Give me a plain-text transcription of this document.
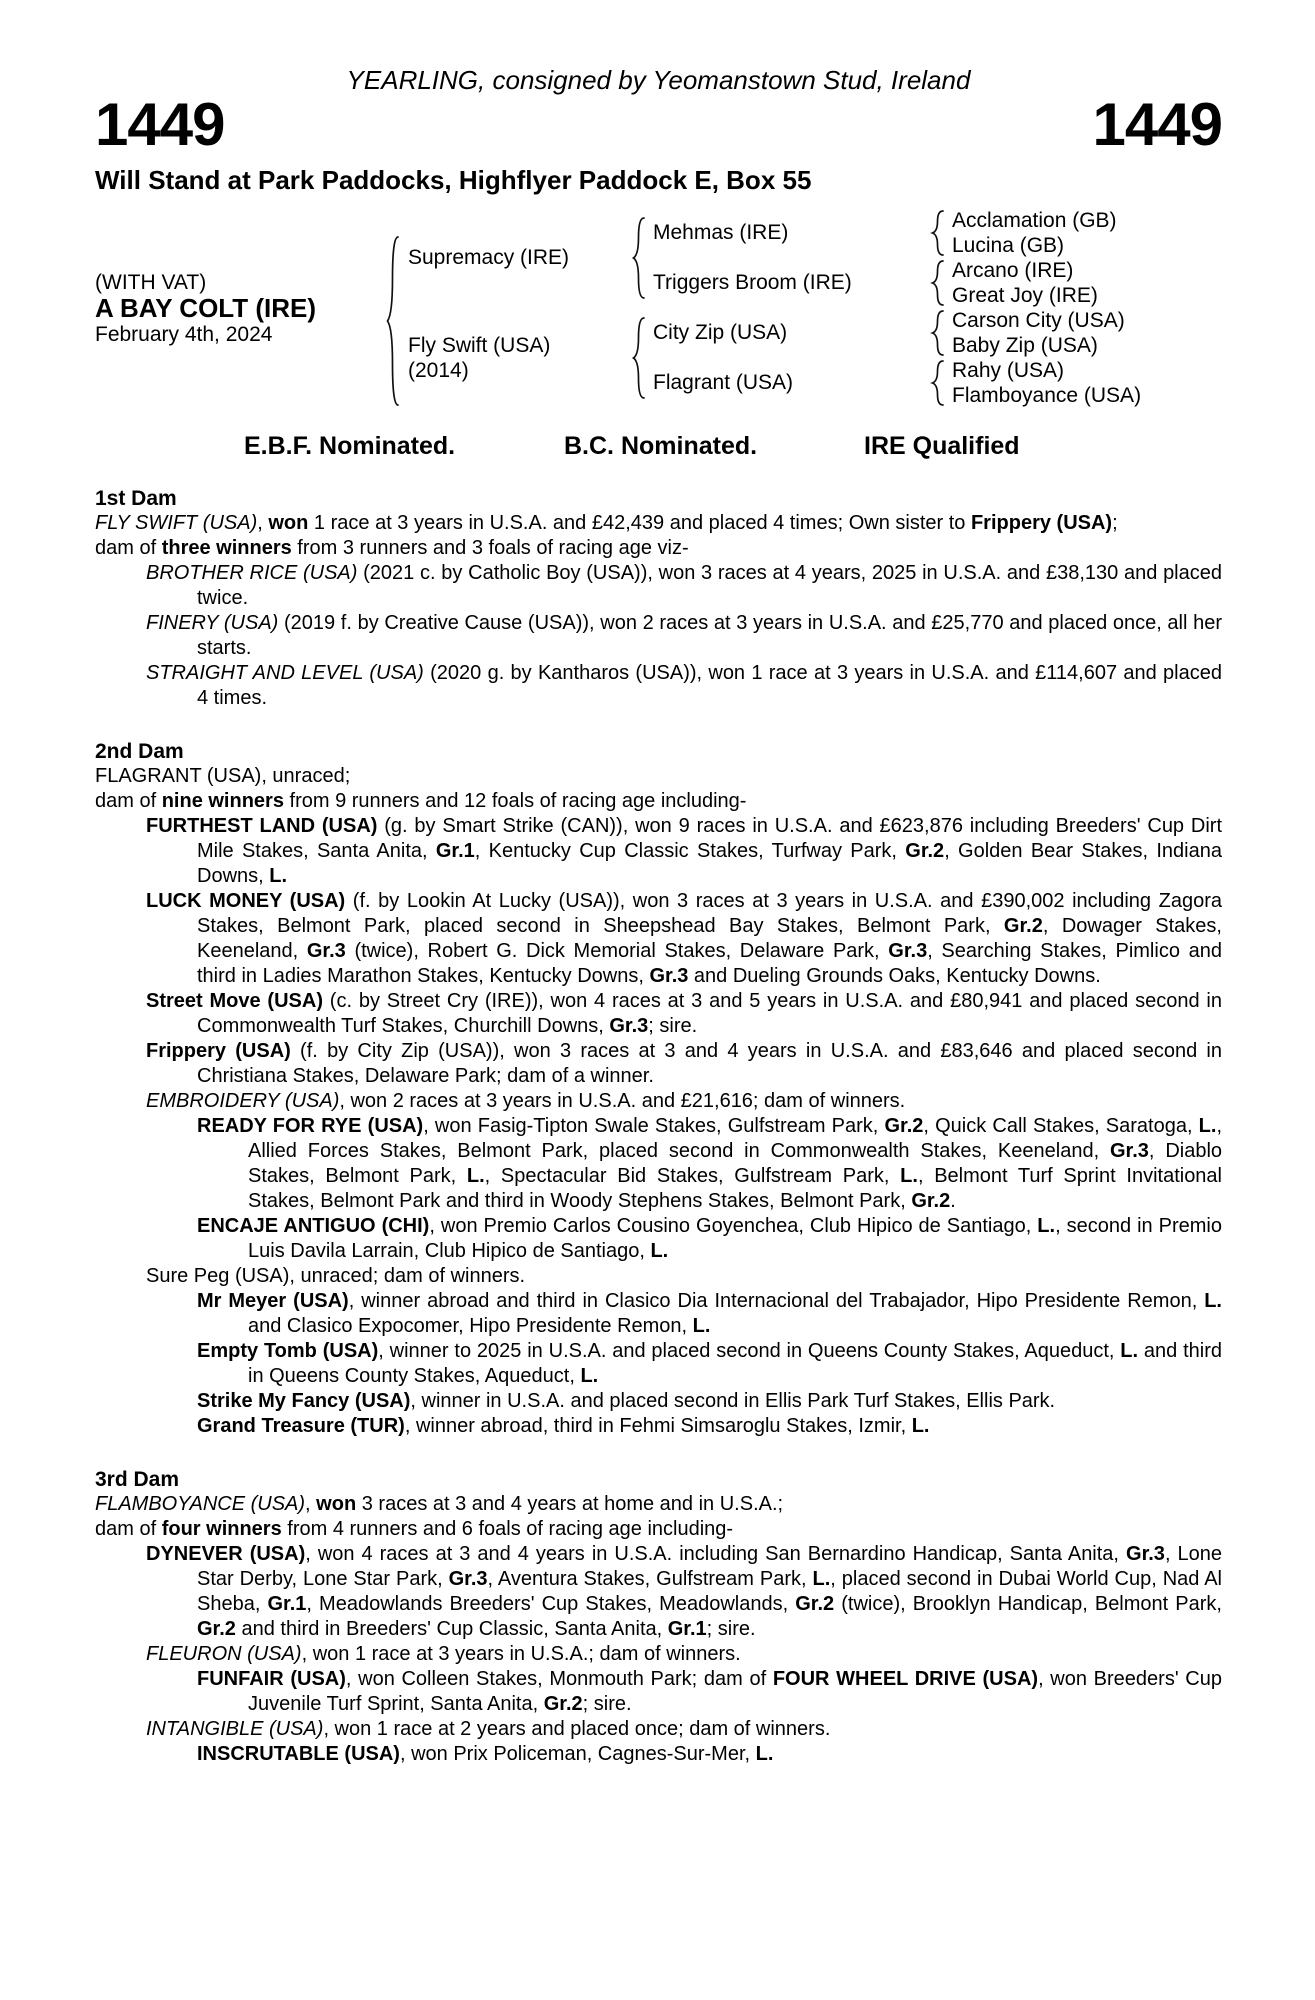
YEARLING, consigned by Yeomanstown Stud, Ireland
1449	1449
Will Stand at Park Paddocks, Highflyer Paddock E, Box 55
(WITH VAT)
A BAY COLT (IRE)
February 4th, 2024
Supremacy (IRE)
Fly Swift (USA)
(2014)
Mehmas (IRE)
Triggers Broom (IRE)
City Zip (USA)
Flagrant (USA)
Acclamation (GB)
Lucina (GB)
Arcano (IRE)
Great Joy (IRE)
Carson City (USA)
Baby Zip (USA)
Rahy (USA)
Flamboyance (USA)
E.B.F. Nominated.	B.C. Nominated.	IRE Qualified
1st Dam
FLY SWIFT (USA), won 1 race at 3 years in U.S.A. and £42,439 and placed 4 times; Own sister to Frippery (USA);
dam of three winners from 3 runners and 3 foals of racing age viz-
BROTHER RICE (USA) (2021 c. by Catholic Boy (USA)), won 3 races at 4 years, 2025 in U.S.A. and £38,130 and placed twice.
FINERY (USA) (2019 f. by Creative Cause (USA)), won 2 races at 3 years in U.S.A. and £25,770 and placed once, all her starts.
STRAIGHT AND LEVEL (USA) (2020 g. by Kantharos (USA)), won 1 race at 3 years in U.S.A. and £114,607 and placed 4 times.
2nd Dam
FLAGRANT (USA), unraced;
dam of nine winners from 9 runners and 12 foals of racing age including-
FURTHEST LAND (USA) (g. by Smart Strike (CAN)), won 9 races in U.S.A. and £623,876 including Breeders' Cup Dirt Mile Stakes, Santa Anita, Gr.1, Kentucky Cup Classic Stakes, Turfway Park, Gr.2, Golden Bear Stakes, Indiana Downs, L.
LUCK MONEY (USA) (f. by Lookin At Lucky (USA)), won 3 races at 3 years in U.S.A. and £390,002 including Zagora Stakes, Belmont Park, placed second in Sheepshead Bay Stakes, Belmont Park, Gr.2, Dowager Stakes, Keeneland, Gr.3 (twice), Robert G. Dick Memorial Stakes, Delaware Park, Gr.3, Searching Stakes, Pimlico and third in Ladies Marathon Stakes, Kentucky Downs, Gr.3 and Dueling Grounds Oaks, Kentucky Downs.
Street Move (USA) (c. by Street Cry (IRE)), won 4 races at 3 and 5 years in U.S.A. and £80,941 and placed second in Commonwealth Turf Stakes, Churchill Downs, Gr.3; sire.
Frippery (USA) (f. by City Zip (USA)), won 3 races at 3 and 4 years in U.S.A. and £83,646 and placed second in Christiana Stakes, Delaware Park; dam of a winner.
EMBROIDERY (USA), won 2 races at 3 years in U.S.A. and £21,616; dam of winners.
READY FOR RYE (USA), won Fasig-Tipton Swale Stakes, Gulfstream Park, Gr.2, Quick Call Stakes, Saratoga, L., Allied Forces Stakes, Belmont Park, placed second in Commonwealth Stakes, Keeneland, Gr.3, Diablo Stakes, Belmont Park, L., Spectacular Bid Stakes, Gulfstream Park, L., Belmont Turf Sprint Invitational Stakes, Belmont Park and third in Woody Stephens Stakes, Belmont Park, Gr.2.
ENCAJE ANTIGUO (CHI), won Premio Carlos Cousino Goyenchea, Club Hipico de Santiago, L., second in Premio Luis Davila Larrain, Club Hipico de Santiago, L.
Sure Peg (USA), unraced; dam of winners.
Mr Meyer (USA), winner abroad and third in Clasico Dia Internacional del Trabajador, Hipo Presidente Remon, L. and Clasico Expocomer, Hipo Presidente Remon, L.
Empty Tomb (USA), winner to 2025 in U.S.A. and placed second in Queens County Stakes, Aqueduct, L. and third in Queens County Stakes, Aqueduct, L.
Strike My Fancy (USA), winner in U.S.A. and placed second in Ellis Park Turf Stakes, Ellis Park.
Grand Treasure (TUR), winner abroad, third in Fehmi Simsaroglu Stakes, Izmir, L.
3rd Dam
FLAMBOYANCE (USA), won 3 races at 3 and 4 years at home and in U.S.A.;
dam of four winners from 4 runners and 6 foals of racing age including-
DYNEVER (USA), won 4 races at 3 and 4 years in U.S.A. including San Bernardino Handicap, Santa Anita, Gr.3, Lone Star Derby, Lone Star Park, Gr.3, Aventura Stakes, Gulfstream Park, L., placed second in Dubai World Cup, Nad Al Sheba, Gr.1, Meadowlands Breeders' Cup Stakes, Meadowlands, Gr.2 (twice), Brooklyn Handicap, Belmont Park, Gr.2 and third in Breeders' Cup Classic, Santa Anita, Gr.1; sire.
FLEURON (USA), won 1 race at 3 years in U.S.A.; dam of winners.
FUNFAIR (USA), won Colleen Stakes, Monmouth Park; dam of FOUR WHEEL DRIVE (USA), won Breeders' Cup Juvenile Turf Sprint, Santa Anita, Gr.2; sire.
INTANGIBLE (USA), won 1 race at 2 years and placed once; dam of winners.
INSCRUTABLE (USA), won Prix Policeman, Cagnes-Sur-Mer, L.
